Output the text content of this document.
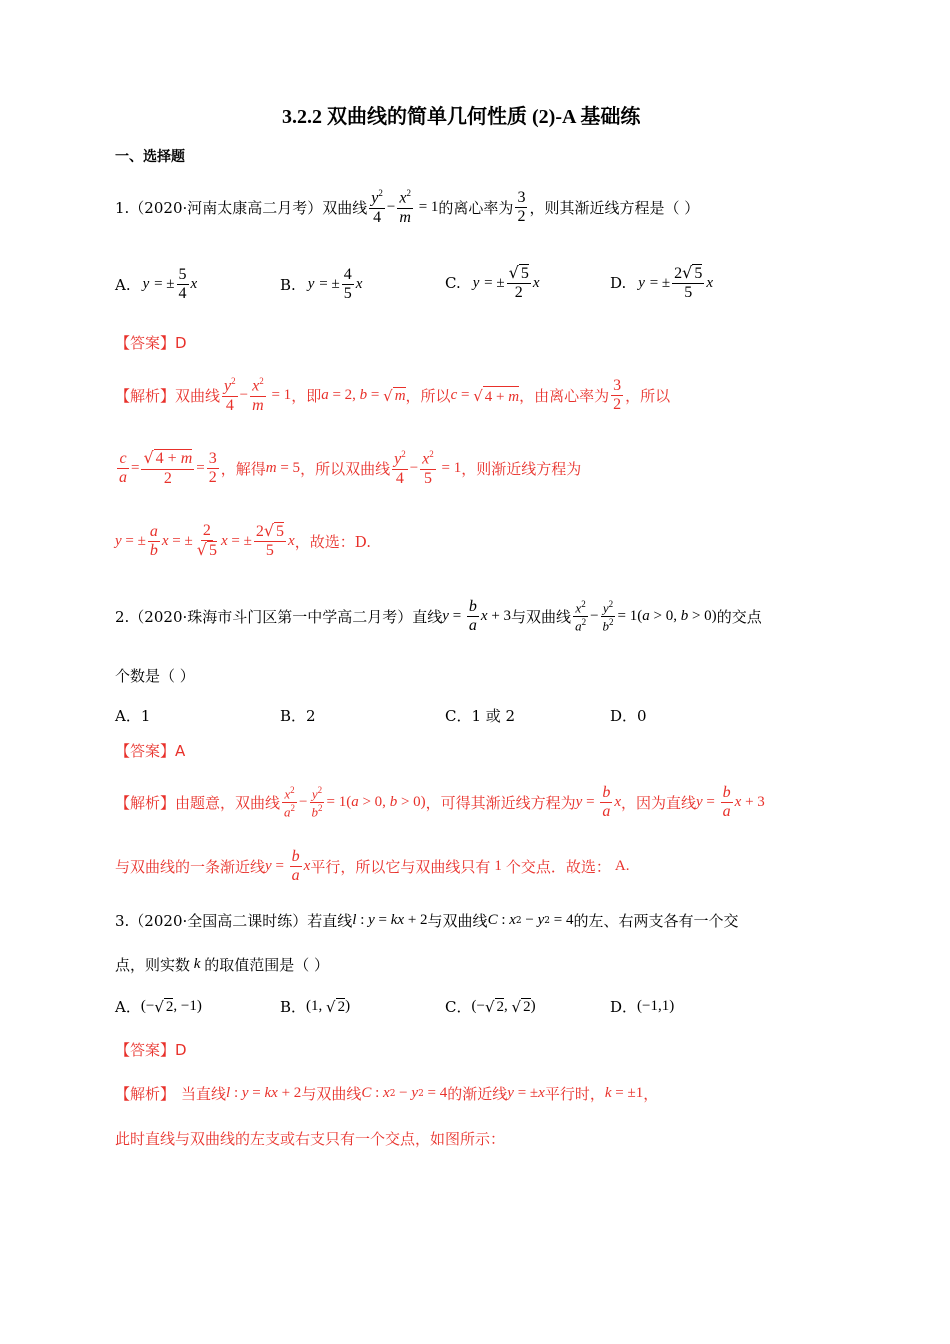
3.2.2 双曲线的简单几何性质 (2)-A 基础练
一、选择题
1.（2020·河南太康高二月考）双曲线 $\frac{y^2}{4} - \frac{x^2}{m} = 1$ 的离心率为 $\frac{3}{2}$ ，则其渐近线方程是（ ）
A. y
= ± $\frac{5}{4}$ x	B. y
= ± $\frac{4}{5}$ x	C. y
= ± $\frac{√ 5}{2}$ x	D. y
= ± $\frac{2√ 5}{5}$ x
【答案】D
【解析】 双曲线 $\frac{y^2}{4} - \frac{x^2}{m} = 1$ ，即 a = 2, b = √ m ，所以 c = √ 4 + m ，由离心率为 $\frac{3}{2}$ ，所以
$\frac{c}{a} = \frac{√ 4 + m}{2} = \frac{3}{2}$ ，解得 m = 5 ，所以双曲线 $\frac{y^2}{4} - \frac{x^2}{5} = 1$ ，则渐近线方程为
y = ± $\frac{a}{b}$ x = ± $\frac{2}{√ 5}$ x = ± $\frac{2√ 5}{5}$ x ，故选：D.
2.（2020·珠海市斗门区第一中学高二月考）直线 $y = \frac{b}{a}$ x + 3 与双曲线 $\frac{x^2}{a^2} - \frac{y^2}{b^2} = 1$( a > 0, b > 0) 的交点
个数是（ ）
A．1	B．2	C．1 或 2	D．0
【答案】A
【解析】 由题意，双曲线 $\frac{x^2}{a^2} - \frac{y^2}{b^2} = 1$( a > 0, b > 0) ，可得其渐近线方程为 $y = \frac{b}{a}$ x ，因为直线 $y = \frac{b}{a}$ x + 3
与双曲线的一条渐近线 $y = \frac{b}{a}$ x 平行，所以它与双曲线只有 1 个交点．故选： A.
3.（2020·全国高二课时练）若直线 l : y = kx + 2 与双曲线 C : x 2 − y 2 = 4 的左、右两支各有一个交
点，则实数 k 的取值范围是（ ）
A． (− √ 2 , −1)	B． (1, √ 2 )	C． (− √ 2 , √ 2 )	D． (−1,1)
【答案】D
【解析】 当直线 l : y = kx + 2 与双曲线 C : x 2 − y 2 = 4 的渐近线 y = ± x 平行时， k = ±1 ，
此时直线与双曲线的左支或右支只有一个交点，如图所示：
